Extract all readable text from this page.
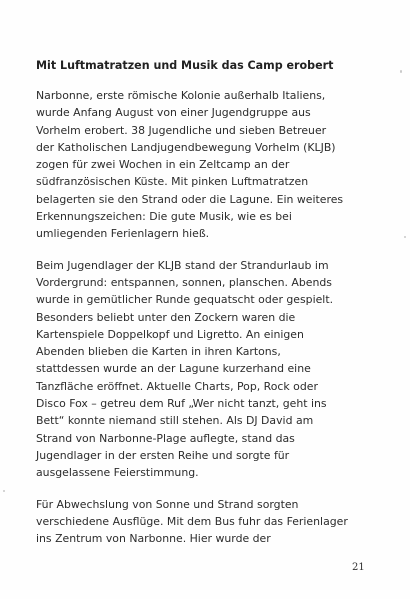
Mit Luftmatratzen und Musik das Camp erobert

Narbonne, erste römische Kolonie außerhalb Italiens,
wurde Anfang August von einer Jugendgruppe aus
Vorhelm erobert. 38 Jugendliche und sieben Betreuer
der Katholischen Landjugendbewegung Vorhelm (KLJB)
zogen für zwei Wochen in ein Zeltcamp an der
südfranzösischen Küste. Mit pinken Luftmatratzen
belagerten sie den Strand oder die Lagune. Ein weiteres
Erkennungszeichen: Die gute Musik, wie es bei
umliegenden Ferienlagern hieß.

Beim Jugendlager der KLJB stand der Strandurlaub im
Vordergrund: entspannen, sonnen, planschen. Abends
wurde in gemütlicher Runde gequatscht oder gespielt.
Besonders beliebt unter den Zockern waren die
Kartenspiele Doppelkopf und Ligretto. An einigen
Abenden blieben die Karten in ihren Kartons,
stattdessen wurde an der Lagune kurzerhand eine
Tanzfläche eröffnet. Aktuelle Charts, Pop, Rock oder
Disco Fox – getreu dem Ruf „Wer nicht tanzt, geht ins
Bett“ konnte niemand still stehen. Als DJ David am
Strand von Narbonne-Plage auflegte, stand das
Jugendlager in der ersten Reihe und sorgte für
ausgelassene Feierstimmung.

Für Abwechslung von Sonne und Strand sorgten
verschiedene Ausflüge. Mit dem Bus fuhr das Ferienlager
ins Zentrum von Narbonne. Hier wurde der

21
